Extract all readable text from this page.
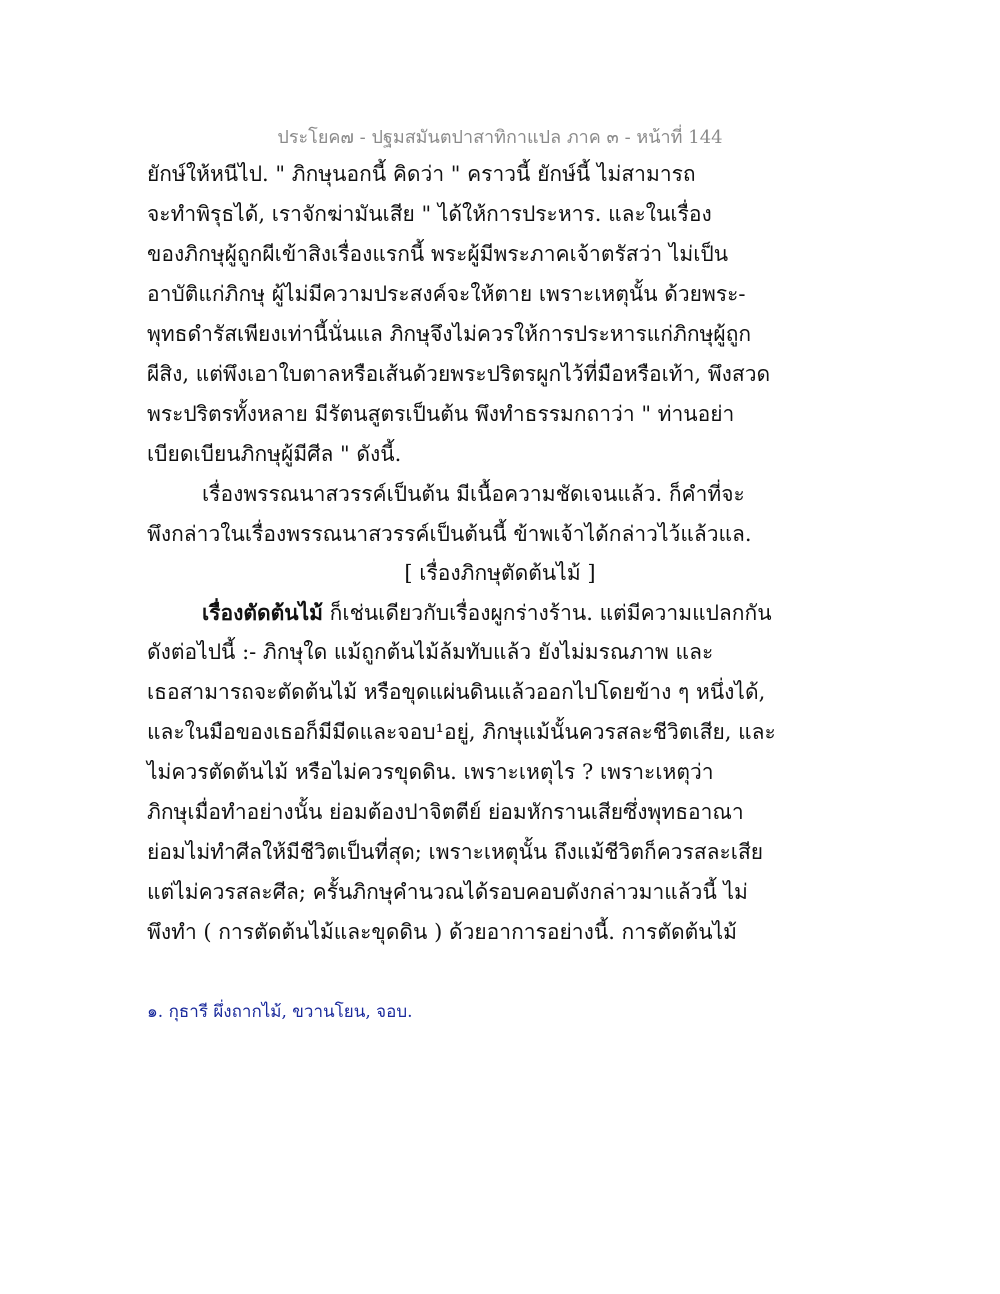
ประโยค๗ - ปฐมสมันตปาสาทิกาแปล ภาค ๓ - หน้าที่ 144
ยักษ์ให้หนีไป. " ภิกษุนอกนี้ คิดว่า " คราวนี้ ยักษ์นี้ ไม่สามารถ
จะทำพิรุธได้, เราจักฆ่ามันเสีย " ได้ให้การประหาร. และในเรื่อง
ของภิกษุผู้ถูกผีเข้าสิงเรื่องแรกนี้ พระผู้มีพระภาคเจ้าตรัสว่า ไม่เป็น
อาบัติแก่ภิกษุ ผู้ไม่มีความประสงค์จะให้ตาย เพราะเหตุนั้น ด้วยพระ-
พุทธดำรัสเพียงเท่านี้นั่นแล ภิกษุจึงไม่ควรให้การประหารแก่ภิกษุผู้ถูก
ผีสิง, แต่พึงเอาใบตาลหรือเส้นด้วยพระปริตรผูกไว้ที่มือหรือเท้า, พึงสวด
พระปริตรทั้งหลาย มีรัตนสูตรเป็นต้น พึงทำธรรมกถาว่า " ท่านอย่า
เบียดเบียนภิกษุผู้มีศีล " ดังนี้.
เรื่องพรรณนาสวรรค์เป็นต้น มีเนื้อความชัดเจนแล้ว. ก็คำที่จะ
พึงกล่าวในเรื่องพรรณนาสวรรค์เป็นต้นนี้ ข้าพเจ้าได้กล่าวไว้แล้วแล.
[ เรื่องภิกษุตัดต้นไม้ ]
เรื่องตัดต้นไม้ ก็เช่นเดียวกับเรื่องผูกร่างร้าน. แต่มีความแปลกกัน
ดังต่อไปนี้ :- ภิกษุใด แม้ถูกต้นไม้ล้มทับแล้ว ยังไม่มรณภาพ และ
เธอสามารถจะตัดต้นไม้ หรือขุดแผ่นดินแล้วออกไปโดยข้าง ๆ หนึ่งได้,
และในมือของเธอก็มีมีดและจอบ¹อยู่, ภิกษุแม้นั้นควรสละชีวิตเสีย, และ
ไม่ควรตัดต้นไม้ หรือไม่ควรขุดดิน. เพราะเหตุไร ? เพราะเหตุว่า
ภิกษุเมื่อทำอย่างนั้น ย่อมต้องปาจิตตีย์ ย่อมหักรานเสียซึ่งพุทธอาณา
ย่อมไม่ทำศีลให้มีชีวิตเป็นที่สุด; เพราะเหตุนั้น ถึงแม้ชีวิตก็ควรสละเสีย
แต่ไม่ควรสละศีล; ครั้นภิกษุคำนวณได้รอบคอบดังกล่าวมาแล้วนี้ ไม่
พึงทำ ( การตัดต้นไม้และขุดดิน ) ด้วยอาการอย่างนี้. การตัดต้นไม้
๑. กุธารี ผึ่งถากไม้, ขวานโยน, จอบ.
